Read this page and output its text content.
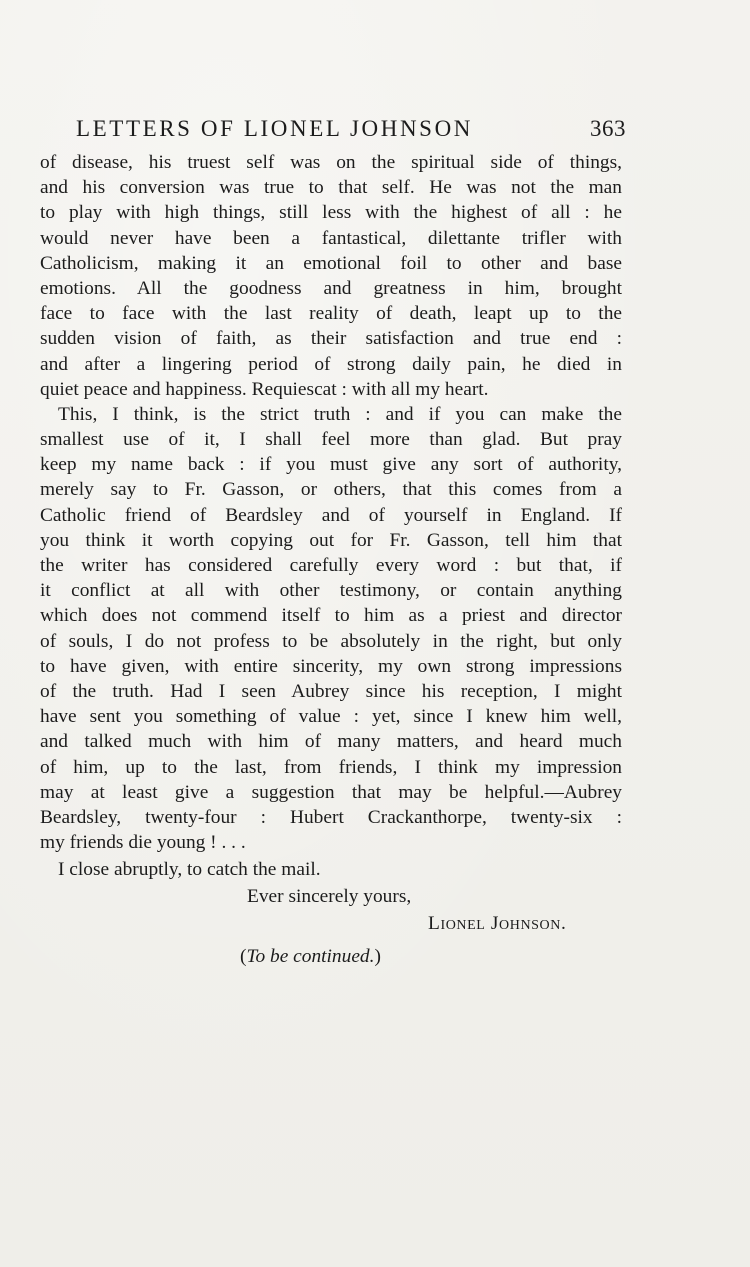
LETTERS OF LIONEL JOHNSON	363
of disease, his truest self was on the spiritual side of things,
and his conversion was true to that self. He was not the man
to play with high things, still less with the highest of all : he
would never have been a fantastical, dilettante trifler with
Catholicism, making it an emotional foil to other and base
emotions. All the goodness and greatness in him, brought
face to face with the last reality of death, leapt up to the
sudden vision of faith, as their satisfaction and true end :
and after a lingering period of strong daily pain, he died in
quiet peace and happiness. Requiescat : with all my heart.
This, I think, is the strict truth : and if you can make the
smallest use of it, I shall feel more than glad. But pray
keep my name back : if you must give any sort of authority,
merely say to Fr. Gasson, or others, that this comes from a
Catholic friend of Beardsley and of yourself in England. If
you think it worth copying out for Fr. Gasson, tell him that
the writer has considered carefully every word : but that, if
it conflict at all with other testimony, or contain anything
which does not commend itself to him as a priest and director
of souls, I do not profess to be absolutely in the right, but only
to have given, with entire sincerity, my own strong impressions
of the truth. Had I seen Aubrey since his reception, I might
have sent you something of value : yet, since I knew him well,
and talked much with him of many matters, and heard much
of him, up to the last, from friends, I think my impression
may at least give a suggestion that may be helpful.—Aubrey
Beardsley, twenty-four : Hubert Crackanthorpe, twenty-six :
my friends die young ! . . .
I close abruptly, to catch the mail.
Ever sincerely yours,
Lionel Johnson.
(To be continued.)
